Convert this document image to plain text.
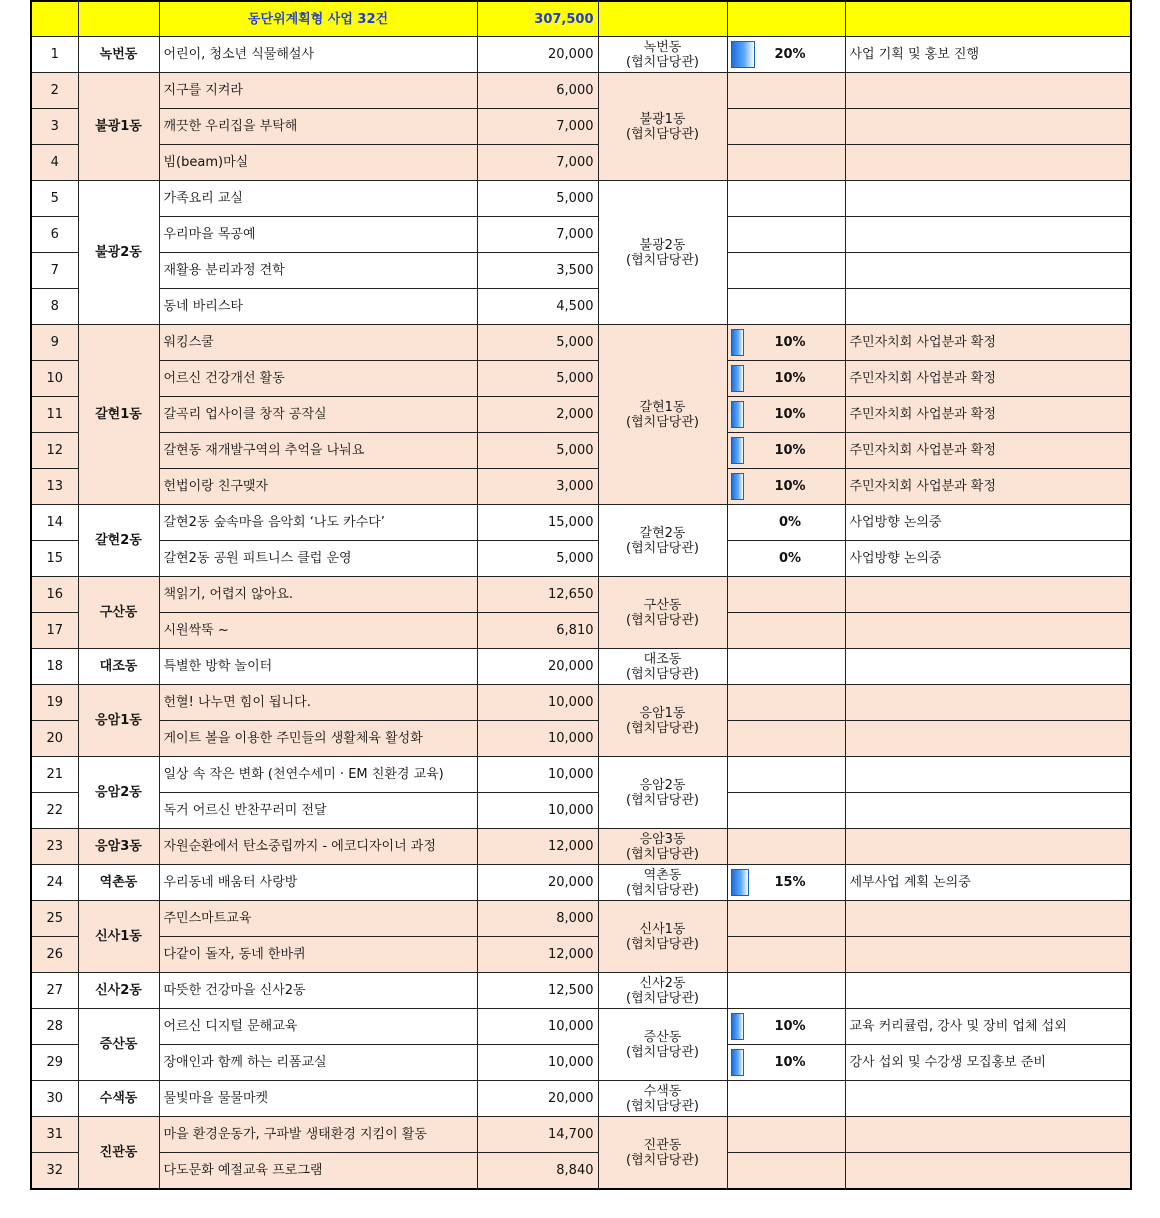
		동단위계획형 사업 32건	307,500			
1	녹번동	어린이, 청소년 식물해설사	20,000	녹번동
(협치담당관)	20%	사업 기획 및 홍보 진행
2	불광1동	지구를 지켜라	6,000	불광1동
(협치담당관)		

3		깨끗한 우리집을 부탁해	7,000			
4		빔(beam)마실	7,000			
5	불광2동	가족요리 교실	5,000	불광2동
(협치담당관)		

6		우리마을 목공예	7,000			
7		재활용 분리과정 견학	3,500			
8		동네 바리스타	4,500			
9	갈현1동	워킹스쿨	5,000	갈현1동
(협치담당관)	10%	주민자치회 사업분과 확정
10		어르신 건강개선 활동	5,000		10%	주민자치회 사업분과 확정
11		갈곡리 업사이클 창작 공작실	2,000		10%	주민자치회 사업분과 확정
12		갈현동 재개발구역의 추억을 나눠요	5,000		10%	주민자치회 사업분과 확정
13		헌법이랑 친구맺자	3,000		10%	주민자치회 사업분과 확정
14	갈현2동	갈현2동 숲속마을 음악회 ‘나도 카수다’	15,000	갈현2동
(협치담당관)	0%	사업방향 논의중
15		갈현2동 공원 피트니스 클럽 운영	5,000		0%	사업방향 논의중
16	구산동	책읽기, 어렵지 않아요.	12,650	구산동
(협치담당관)		

17		시원싹뚝 ~	6,810			
18	대조동	특별한 방학 놀이터	20,000	대조동
(협치담당관)		

19	응암1동	헌혈! 나누면 힘이 됩니다.	10,000	응암1동
(협치담당관)		

20		게이트 볼을 이용한 주민들의 생활체육 활성화	10,000			
21	응암2동	일상 속 작은 변화 (천연수세미 · EM 친환경 교육)	10,000	응암2동
(협치담당관)		

22		독거 어르신 반찬꾸러미 전달	10,000			
23	응암3동	자원순환에서 탄소중립까지 - 에코디자이너 과정	12,000	응암3동
(협치담당관)		

24	역촌동	우리동네 배움터 사랑방	20,000	역촌동
(협치담당관)	15%	세부사업 계획 논의중
25	신사1동	주민스마트교육	8,000	신사1동
(협치담당관)		

26		다같이 돌자, 동네 한바퀴	12,000			
27	신사2동	따뜻한 건강마을 신사2동	12,500	신사2동
(협치담당관)		

28	증산동	어르신 디지털 문해교육	10,000	증산동
(협치담당관)	10%	교육 커리큘럼, 강사 및 장비 업체 섭외
29		장애인과 함께 하는 리폼교실	10,000		10%	강사 섭외 및 수강생 모집홍보 준비
30	수색동	물빛마을 물물마켓	20,000	수색동
(협치담당관)		

31	진관동	마을 환경운동가, 구파발 생태환경 지킴이 활동	14,700	진관동
(협치담당관)		

32		다도문화 예절교육 프로그램	8,840			
